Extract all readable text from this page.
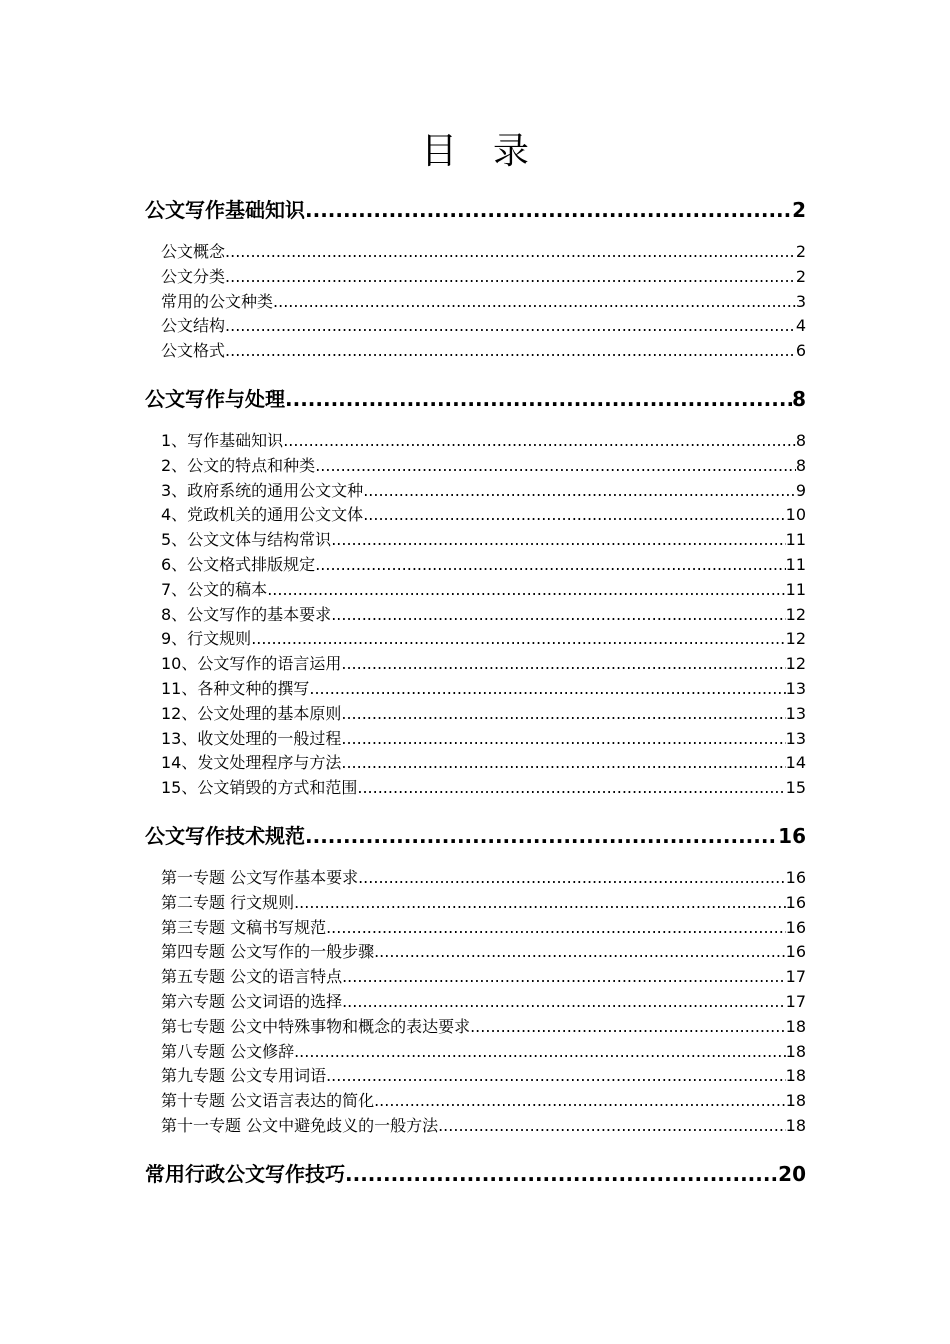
目录
公文写作基础知识 .....	2
公文概念 .....	2
公文分类 .....	2
常用的公文种类 .....	3
公文结构 .....	4
公文格式 .....	6
公文写作与处理 .....	8
1、写作基础知识 .....	8
2、公文的特点和种类 .....	8
3、政府系统的通用公文文种 .....	9
4、党政机关的通用公文文体 .....	10
5、公文文体与结构常识 .....	11
6、公文格式排版规定 .....	11
7、公文的稿本 .....	11
8、公文写作的基本要求 .....	12
9、行文规则 .....	12
10、公文写作的语言运用 .....	12
11、各种文种的撰写 .....	13
12、公文处理的基本原则 .....	13
13、收文处理的一般过程 .....	13
14、发文处理程序与方法 .....	14
15、公文销毁的方式和范围 .....	15
公文写作技术规范 .....	16
第一专题 公文写作基本要求 .....	16
第二专题 行文规则 .....	16
第三专题 文稿书写规范 .....	16
第四专题 公文写作的一般步骤 .....	16
第五专题 公文的语言特点 .....	17
第六专题 公文词语的选择 .....	17
第七专题 公文中特殊事物和概念的表达要求 .....	18
第八专题 公文修辞 .....	18
第九专题 公文专用词语 .....	18
第十专题 公文语言表达的简化 .....	18
第十一专题 公文中避免歧义的一般方法 .....	18
常用行政公文写作技巧 .....	20
